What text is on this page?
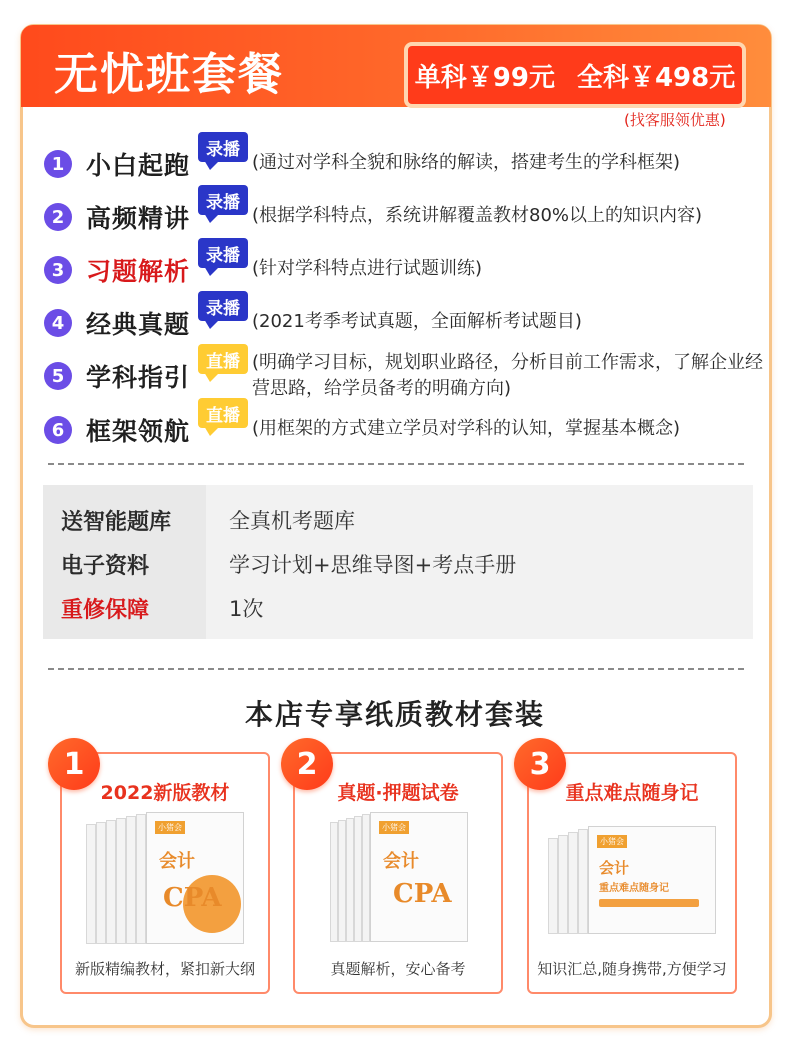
无忧班套餐	单科￥99元 全科￥498元
(找客服领优惠)
1 小白起跑
录播
(通过对学科全貌和脉络的解读，搭建考生的学科框架)
2 高频精讲
录播
(根据学科特点，系统讲解覆盖教材80%以上的知识内容)
3 习题解析
录播
(针对学科特点进行试题训练)
4 经典真题
录播
(2021考季考试真题，全面解析考试题目)
5 学科指引
直播 (明确学习目标，规划职业路径，分析目前工作需求，了解企业经营思路，给学员备考的明确方向)
6 框架领航
直播
(用框架的方式建立学员对学科的认知，掌握基本概念)
送智能题库	全真机考题库
电子资料	学习计划+思维导图+考点手册
重修保障	1次
本店专享纸质教材套装
1
2022新版教材
小猪会
会计
CPA
新版精编教材，紧扣新大纲
2
真题·押题试卷
小猪会
会计
CPA
真题解析，安心备考
3
重点难点随身记
小猪会
会计
重点难点随身记
知识汇总,随身携带,方便学习
